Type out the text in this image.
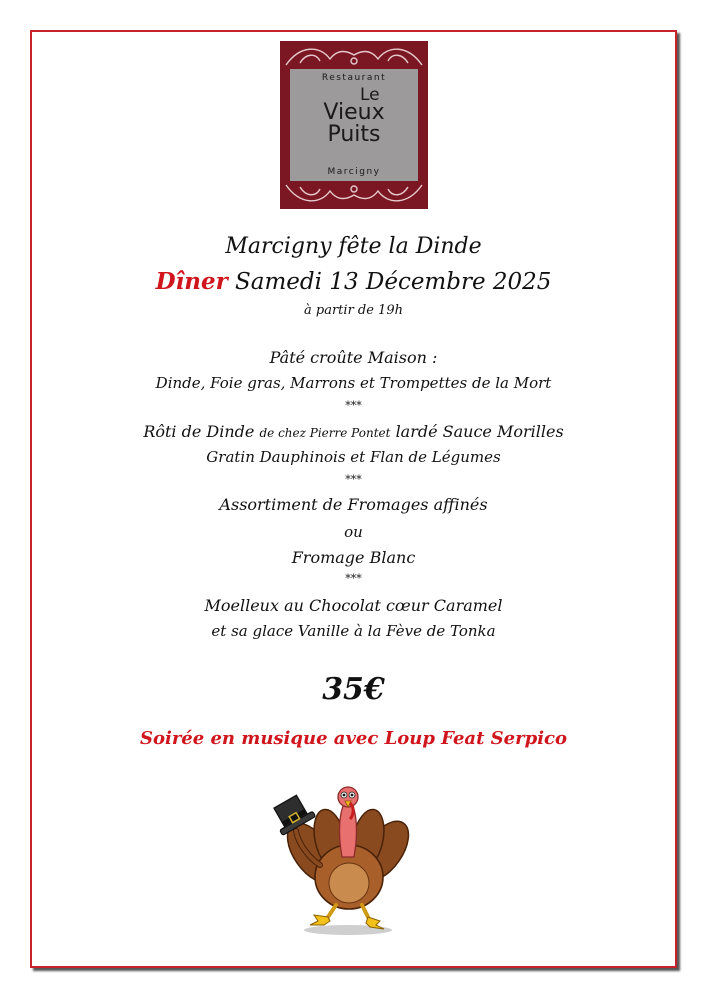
Restaurant
Le
Vieux
Puits
Marcigny
Marcigny fête la Dinde
Dîner Samedi 13 Décembre 2025
à partir de 19h
Pâté croûte Maison :
Dinde, Foie gras, Marrons et Trompettes de la Mort
***
Rôti de Dinde de chez Pierre Pontet lardé Sauce Morilles
Gratin Dauphinois et Flan de Légumes
***
Assortiment de Fromages affinés
ou
Fromage Blanc
***
Moelleux au Chocolat cœur Caramel
et sa glace Vanille à la Fève de Tonka
35€
Soirée en musique avec Loup Feat Serpico
